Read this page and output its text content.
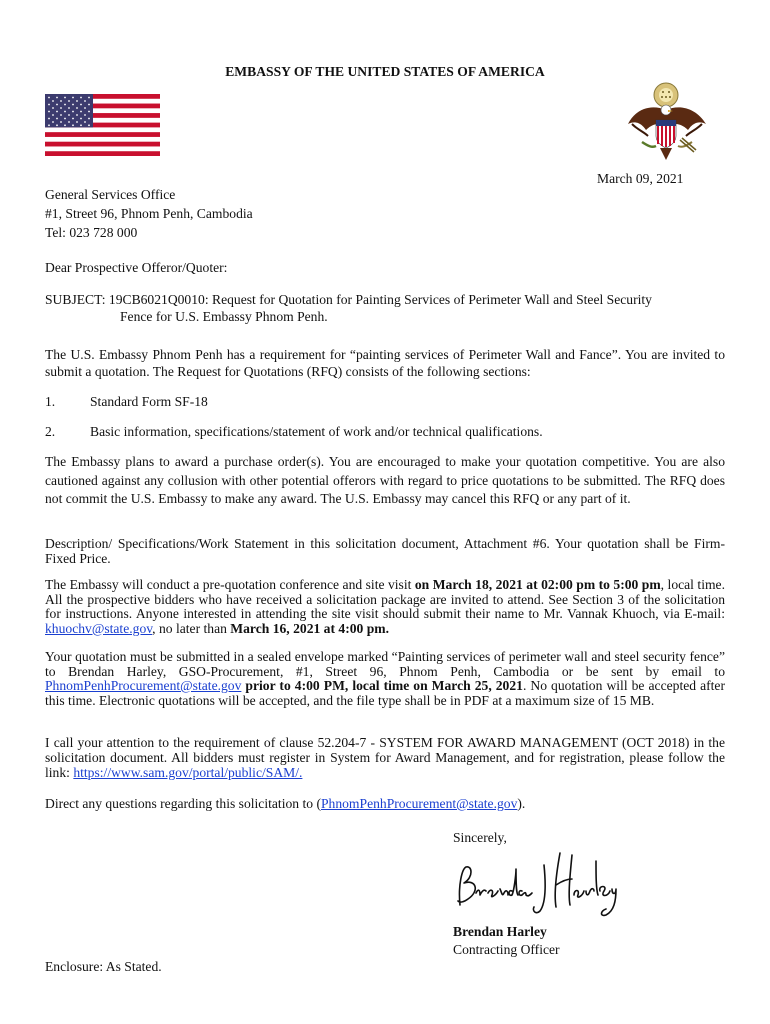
EMBASSY OF THE UNITED STATES OF AMERICA
March 09, 2021
General Services Office
#1, Street 96, Phnom Penh, Cambodia
Tel: 023 728 000
Dear Prospective Offeror/Quoter:
SUBJECT: 19CB6021Q0010: Request for Quotation for Painting Services of Perimeter Wall and Steel Security
Fence for U.S. Embassy Phnom Penh.
The U.S. Embassy Phnom Penh has a requirement for “painting services of Perimeter Wall and Fance”. You are invited to submit a quotation. The Request for Quotations (RFQ) consists of the following sections:
1.	Standard Form SF-18
2.	Basic information, specifications/statement of work and/or technical qualifications.
The Embassy plans to award a purchase order(s). You are encouraged to make your quotation competitive. You are also cautioned against any collusion with other potential offerors with regard to price quotations to be submitted. The RFQ does not commit the U.S. Embassy to make any award. The U.S. Embassy may cancel this RFQ or any part of it.
Description/ Specifications/Work Statement in this solicitation document, Attachment #6. Your quotation shall be Firm-Fixed Price.
The Embassy will conduct a pre-quotation conference and site visit on March 18, 2021 at 02:00 pm to 5:00 pm, local time. All the prospective bidders who have received a solicitation package are invited to attend. See Section 3 of the solicitation for instructions. Anyone interested in attending the site visit should submit their name to Mr. Vannak Khuoch, via E-mail: khuochv@state.gov, no later than March 16, 2021 at 4:00 pm.
Your quotation must be submitted in a sealed envelope marked “Painting services of perimeter wall and steel security fence” to Brendan Harley, GSO-Procurement, #1, Street 96, Phnom Penh, Cambodia or be sent by email to PhnomPenhProcurement@state.gov prior to 4:00 PM, local time on March 25, 2021. No quotation will be accepted after this time. Electronic quotations will be accepted, and the file type shall be in PDF at a maximum size of 15 MB.
I call your attention to the requirement of clause 52.204-7 - SYSTEM FOR AWARD MANAGEMENT (OCT 2018) in the solicitation document. All bidders must register in System for Award Management, and for registration, please follow the link: https://www.sam.gov/portal/public/SAM/.
Direct any questions regarding this solicitation to (PhnomPenhProcurement@state.gov).
Sincerely,
Brendan Harley
Contracting Officer
Enclosure: As Stated.
